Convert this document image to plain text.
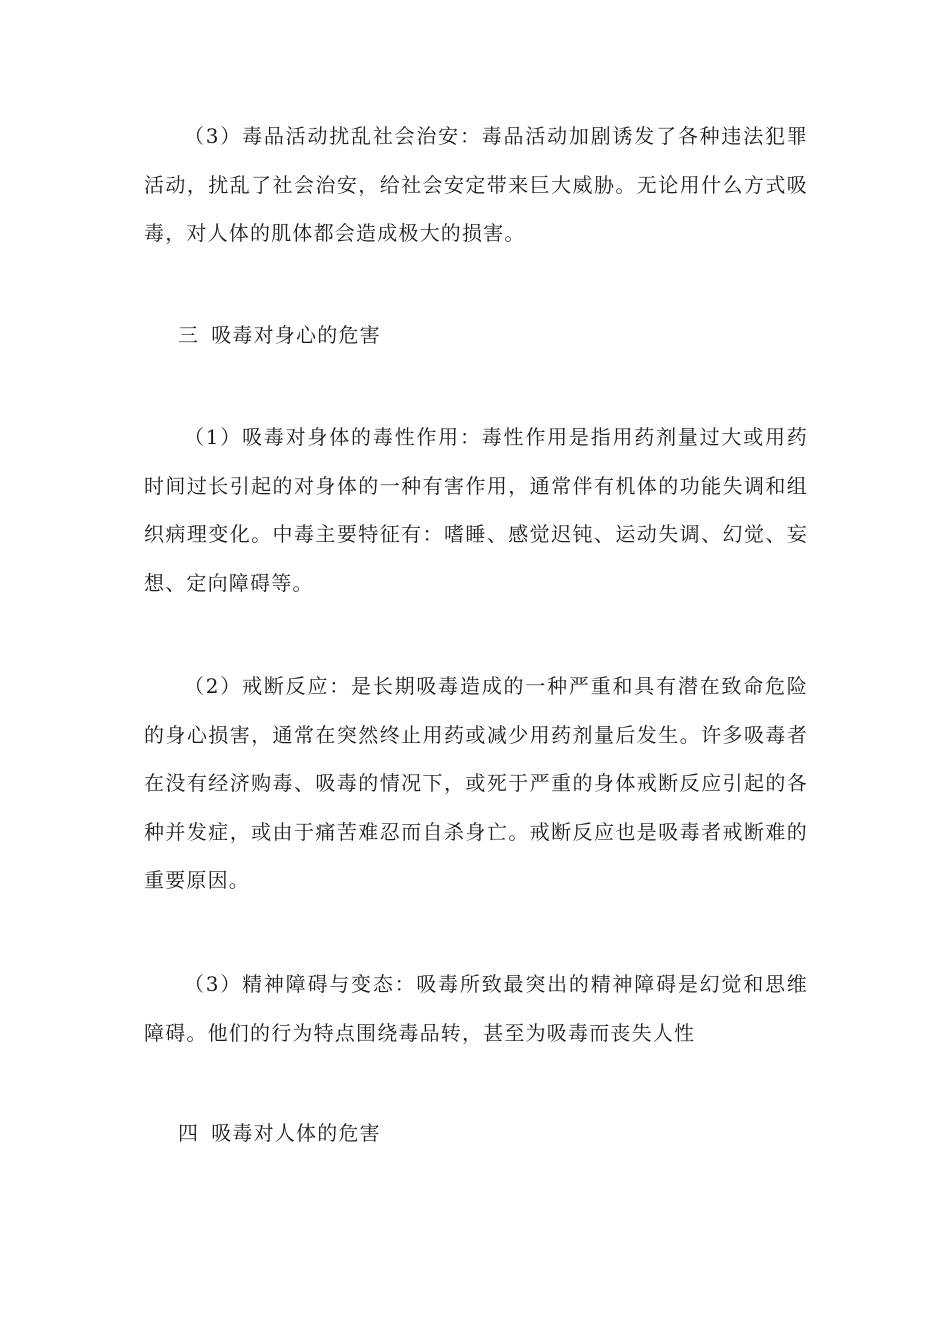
（3）毒品活动扰乱社会治安：毒品活动加剧诱发了各种违法犯罪活动，扰乱了社会治安，给社会安定带来巨大威胁。无论用什么方式吸毒，对人体的肌体都会造成极大的损害。

三 吸毒对身心的危害

（1）吸毒对身体的毒性作用：毒性作用是指用药剂量过大或用药时间过长引起的对身体的一种有害作用，通常伴有机体的功能失调和组织病理变化。中毒主要特征有：嗜睡、感觉迟钝、运动失调、幻觉、妄想、定向障碍等。

（2）戒断反应：是长期吸毒造成的一种严重和具有潜在致命危险的身心损害，通常在突然终止用药或减少用药剂量后发生。许多吸毒者在没有经济购毒、吸毒的情况下，或死于严重的身体戒断反应引起的各种并发症，或由于痛苦难忍而自杀身亡。戒断反应也是吸毒者戒断难的重要原因。

（3）精神障碍与变态：吸毒所致最突出的精神障碍是幻觉和思维障碍。他们的行为特点围绕毒品转，甚至为吸毒而丧失人性

四 吸毒对人体的危害
